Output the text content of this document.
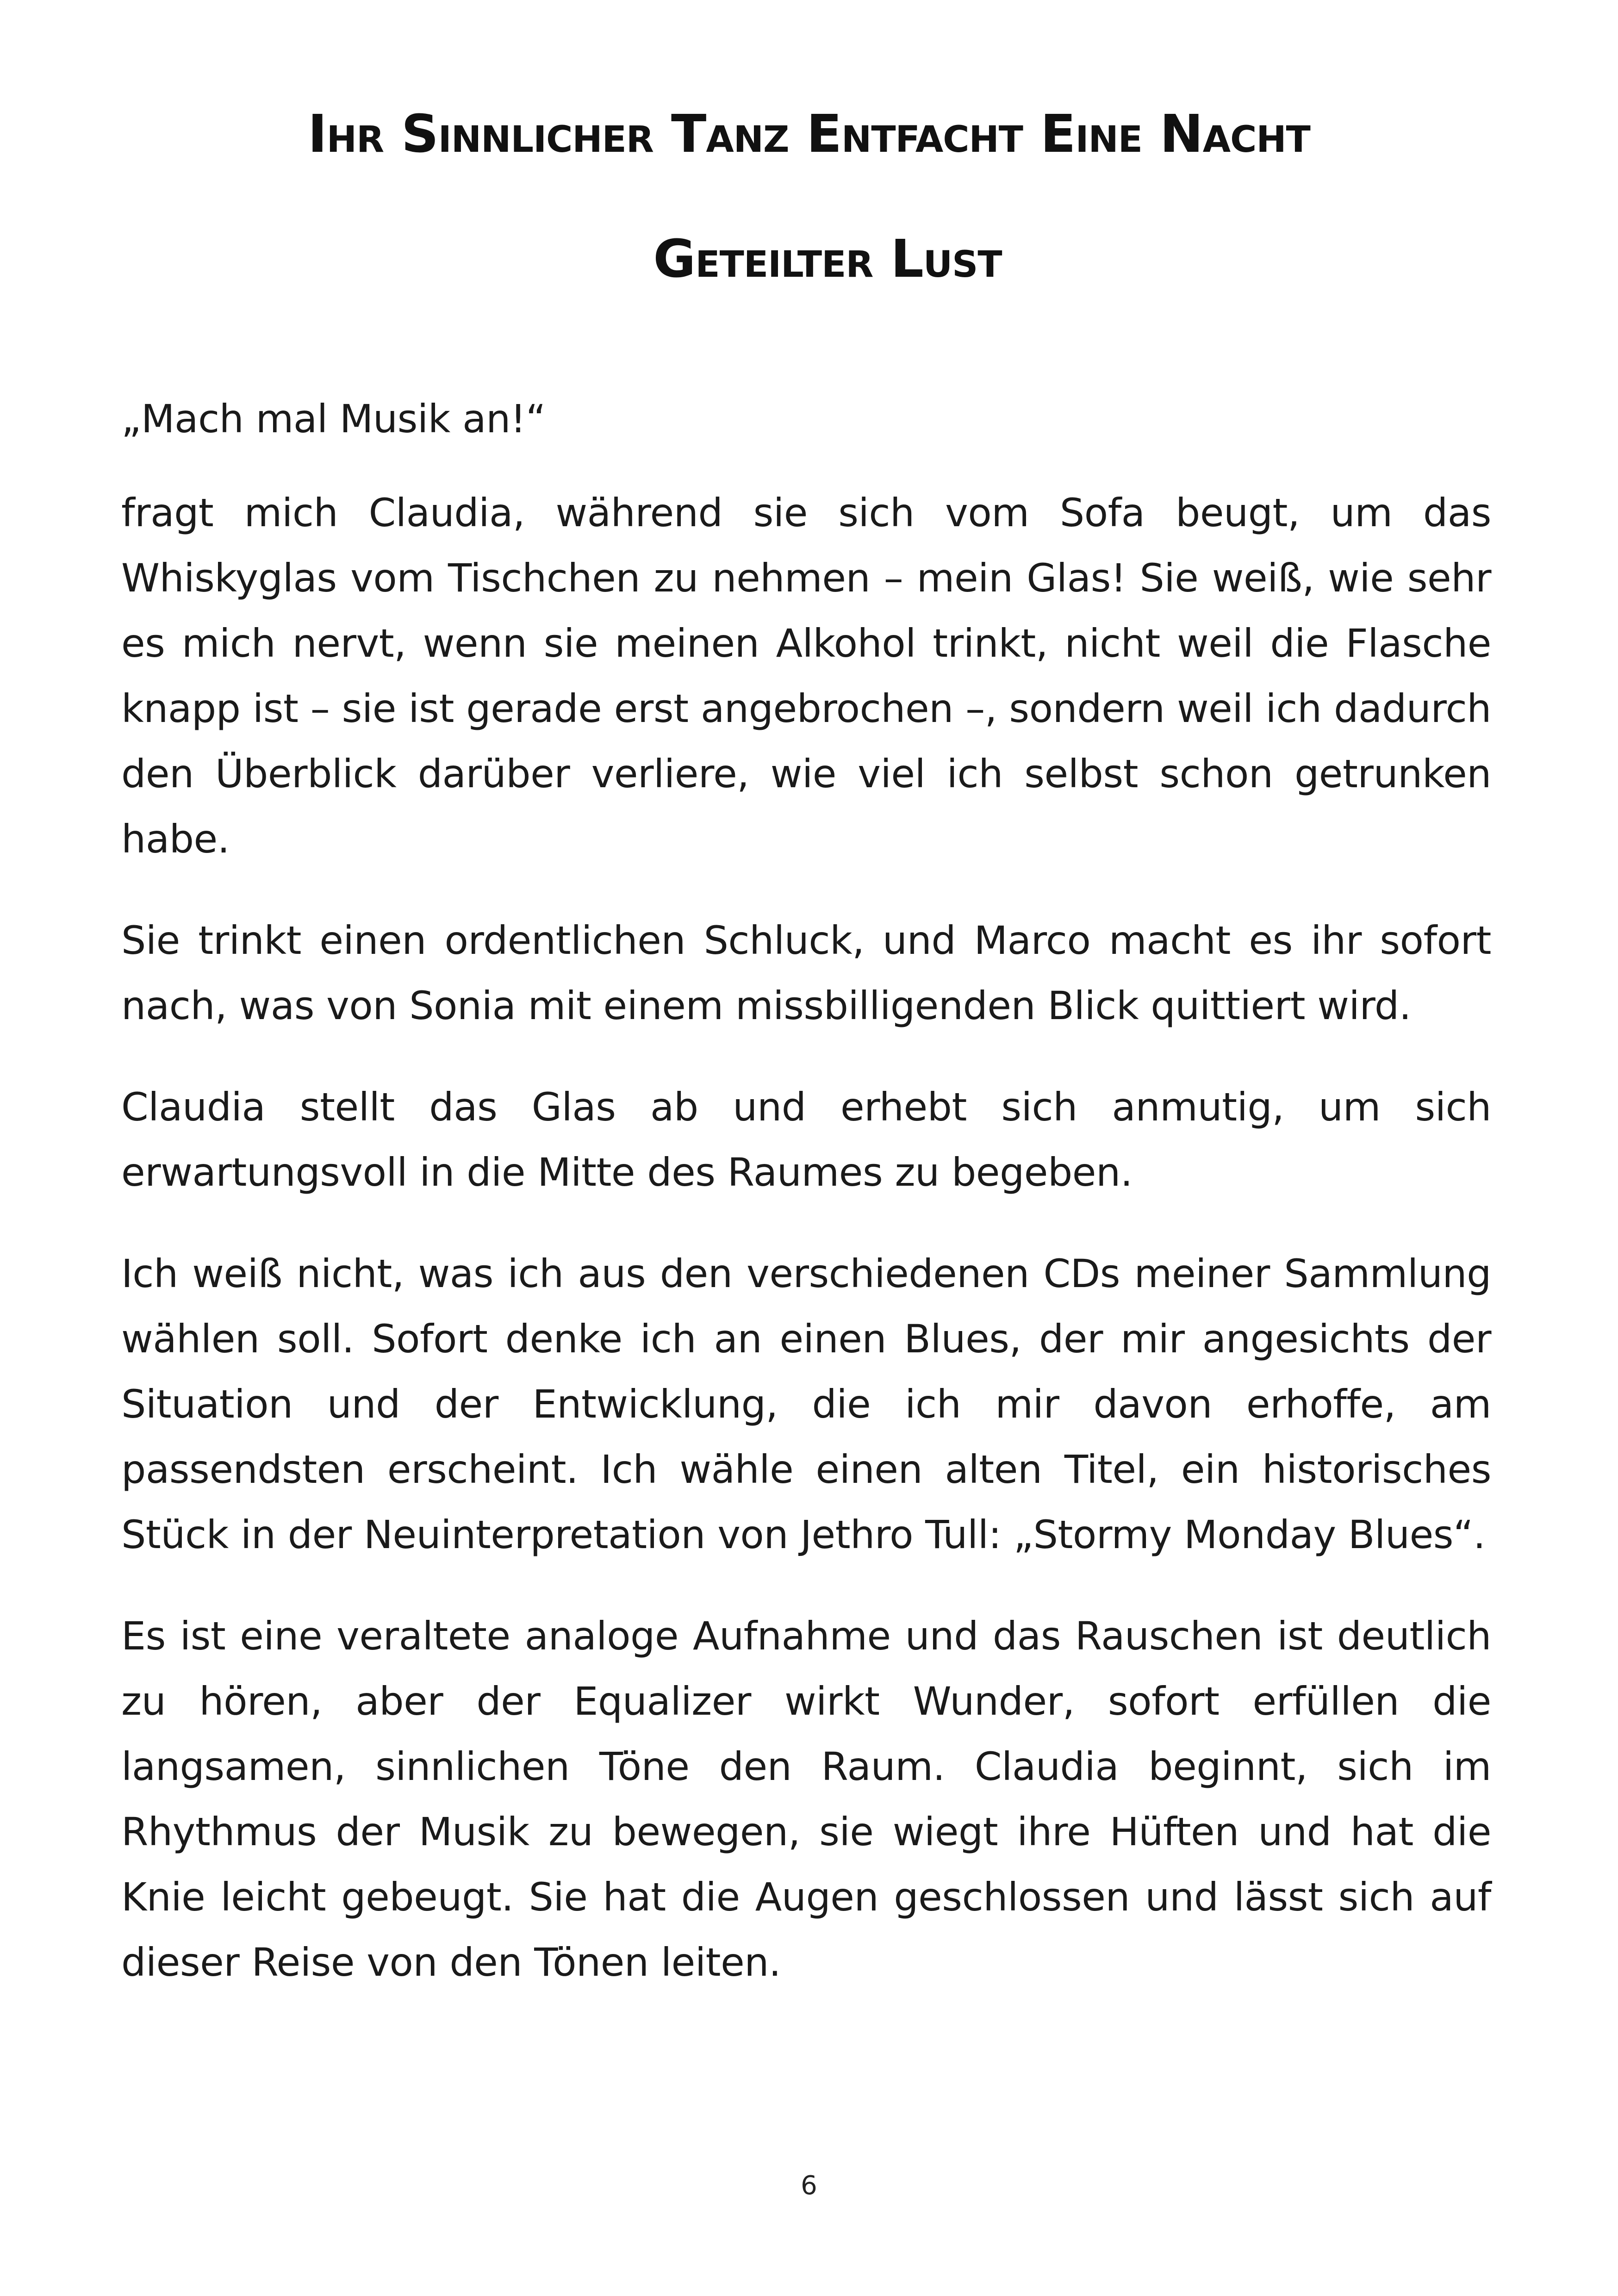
Ihr Sinnlicher Tanz Entfacht Eine Nacht
Geteilter Lust

„Mach mal Musik an!“

fragt mich Claudia, während sie sich vom Sofa beugt, um das Whiskyglas vom Tischchen zu nehmen – mein Glas! Sie weiß, wie sehr es mich nervt, wenn sie meinen Alkohol trinkt, nicht weil die Flasche knapp ist – sie ist gerade erst angebrochen –, sondern weil ich dadurch den Überblick darüber verliere, wie viel ich selbst schon getrunken habe.

Sie trinkt einen ordentlichen Schluck, und Marco macht es ihr sofort nach, was von Sonia mit einem missbilligenden Blick quittiert wird.

Claudia stellt das Glas ab und erhebt sich anmutig, um sich erwartungsvoll in die Mitte des Raumes zu begeben.

Ich weiß nicht, was ich aus den verschiedenen CDs meiner Sammlung wählen soll. Sofort denke ich an einen Blues, der mir angesichts der Situation und der Entwicklung, die ich mir davon erhoffe, am passendsten erscheint. Ich wähle einen alten Titel, ein historisches Stück in der Neuinterpretation von Jethro Tull: „Stormy Monday Blues“.

Es ist eine veraltete analoge Aufnahme und das Rauschen ist deutlich zu hören, aber der Equalizer wirkt Wunder, sofort erfüllen die langsamen, sinnlichen Töne den Raum. Claudia beginnt, sich im Rhythmus der Musik zu bewegen, sie wiegt ihre Hüften und hat die Knie leicht gebeugt. Sie hat die Augen geschlossen und lässt sich auf dieser Reise von den Tönen leiten.

6
